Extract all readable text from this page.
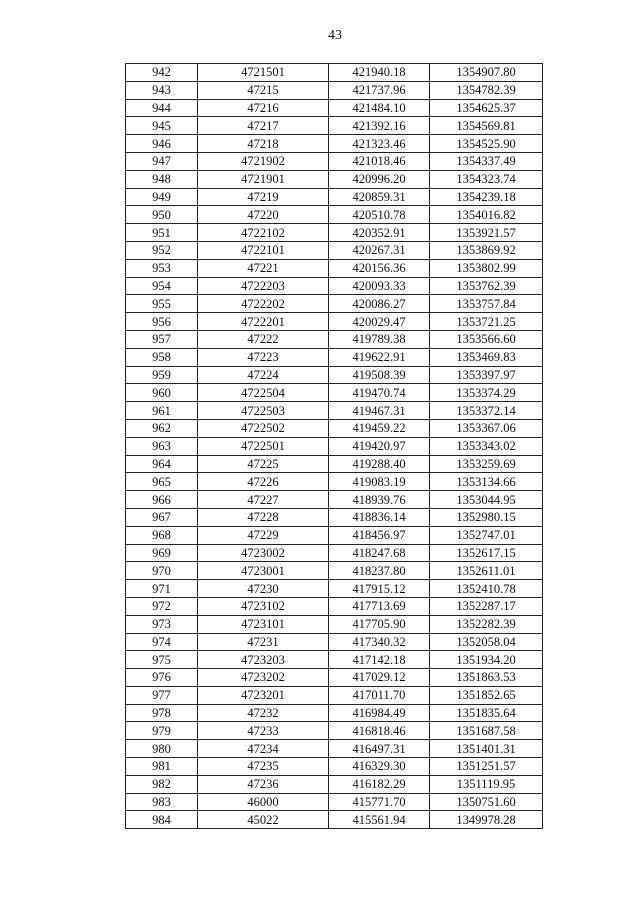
43
942	4721501	421940.18	1354907.80
943	47215	421737.96	1354782.39
944	47216	421484.10	1354625.37
945	47217	421392.16	1354569.81
946	47218	421323.46	1354525.90
947	4721902	421018.46	1354337.49
948	4721901	420996.20	1354323.74
949	47219	420859.31	1354239.18
950	47220	420510.78	1354016.82
951	4722102	420352.91	1353921.57
952	4722101	420267.31	1353869.92
953	47221	420156.36	1353802.99
954	4722203	420093.33	1353762.39
955	4722202	420086.27	1353757.84
956	4722201	420029.47	1353721.25
957	47222	419789.38	1353566.60
958	47223	419622.91	1353469.83
959	47224	419508.39	1353397.97
960	4722504	419470.74	1353374.29
961	4722503	419467.31	1353372.14
962	4722502	419459.22	1353367.06
963	4722501	419420.97	1353343.02
964	47225	419288.40	1353259.69
965	47226	419083.19	1353134.66
966	47227	418939.76	1353044.95
967	47228	418836.14	1352980.15
968	47229	418456.97	1352747.01
969	4723002	418247.68	1352617.15
970	4723001	418237.80	1352611.01
971	47230	417915.12	1352410.78
972	4723102	417713.69	1352287.17
973	4723101	417705.90	1352282.39
974	47231	417340.32	1352058.04
975	4723203	417142.18	1351934.20
976	4723202	417029.12	1351863.53
977	4723201	417011.70	1351852.65
978	47232	416984.49	1351835.64
979	47233	416818.46	1351687.58
980	47234	416497.31	1351401.31
981	47235	416329.30	1351251.57
982	47236	416182.29	1351119.95
983	46000	415771.70	1350751.60
984	45022	415561.94	1349978.28
